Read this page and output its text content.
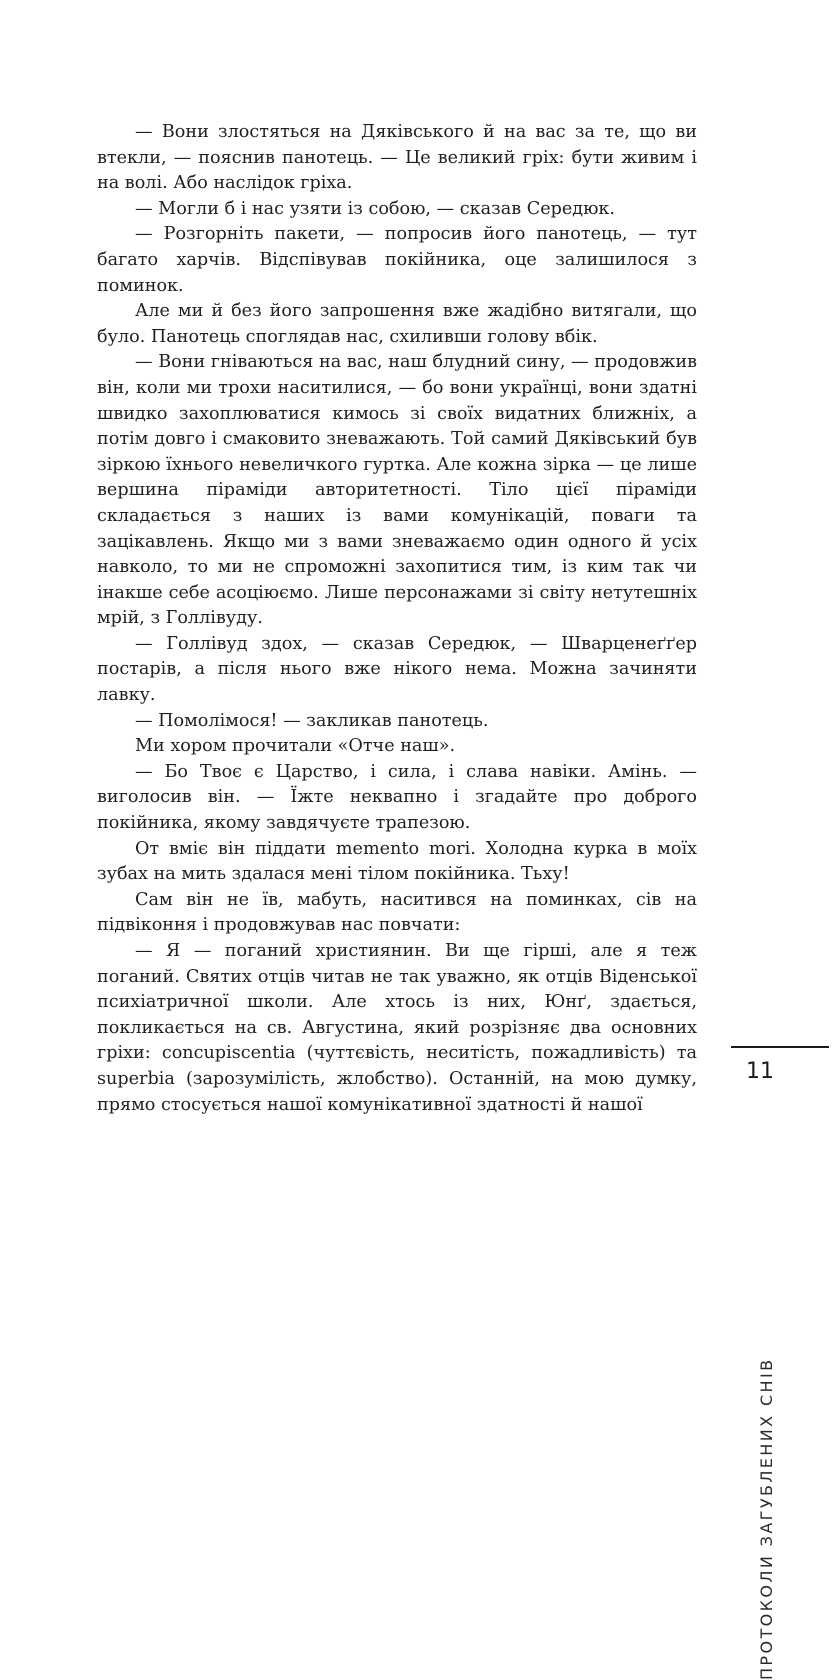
— Вони злостяться на Дяківського й на вас за те, що ви втекли, — пояснив панотець. — Це великий гріх: бути живим і на волі. Або наслідок гріха.

— Могли б і нас узяти із собою, — сказав Середюк.

— Розгорніть пакети, — попросив його панотець, — тут багато харчів. Відспівував покійника, оце залишилося з поминок.

Але ми й без його запрошення вже жадібно витягали, що було. Панотець споглядав нас, схиливши голову вбік.

— Вони гніваються на вас, наш блудний сину, — продовжив він, коли ми трохи наситилися, — бо вони українці, вони здатні швидко захоплюватися кимось зі своїх видатних ближніх, а потім довго і смаковито зневажають. Той самий Дяківський був зіркою їхнього невеличкого гуртка. Але кожна зірка — це лише вершина піраміди авторитетності. Тіло цієї піраміди складається з наших із вами комунікацій, поваги та зацікавлень. Якщо ми з вами зневажаємо один одного й усіх навколо, то ми не спроможні захопитися тим, із ким так чи інакше себе асоціюємо. Лише персонажами зі світу нетутешніх мрій, з Голлівуду.

— Голлівуд здох, — сказав Середюк, — Шварценеґґер постарів, а після нього вже нікого нема. Можна зачиняти лавку.

— Помолімося! — закликав панотець.

Ми хором прочитали «Отче наш».

— Бо Твоє є Царство, і сила, і слава навіки. Амінь. — виголосив він. — Їжте неквапно і згадайте про доброго покійника, якому завдячуєте трапезою.

От вміє він піддати memento mori. Холодна курка в моїх зубах на мить здалася мені тілом покійника. Тьху!

Сам він не їв, мабуть, наситився на поминках, сів на підвіконня і продовжував нас повчати:

— Я — поганий християнин. Ви ще гірші, але я теж поганий. Святих отців читав не так уважно, як отців Віденської психіатричної школи. Але хтось із них, Юнґ, здається, покликається на св. Августина, який розрізняє два основних гріхи: concupiscentia (чуттєвість, неситість, пожадливість) та superbia (зарозумілість, жлобство). Останній, на мою думку, прямо стосується нашої комунікативної здатності й нашої

ПРОТОКОЛИ ЗАГУБЛЕНИХ СНІВ
11
